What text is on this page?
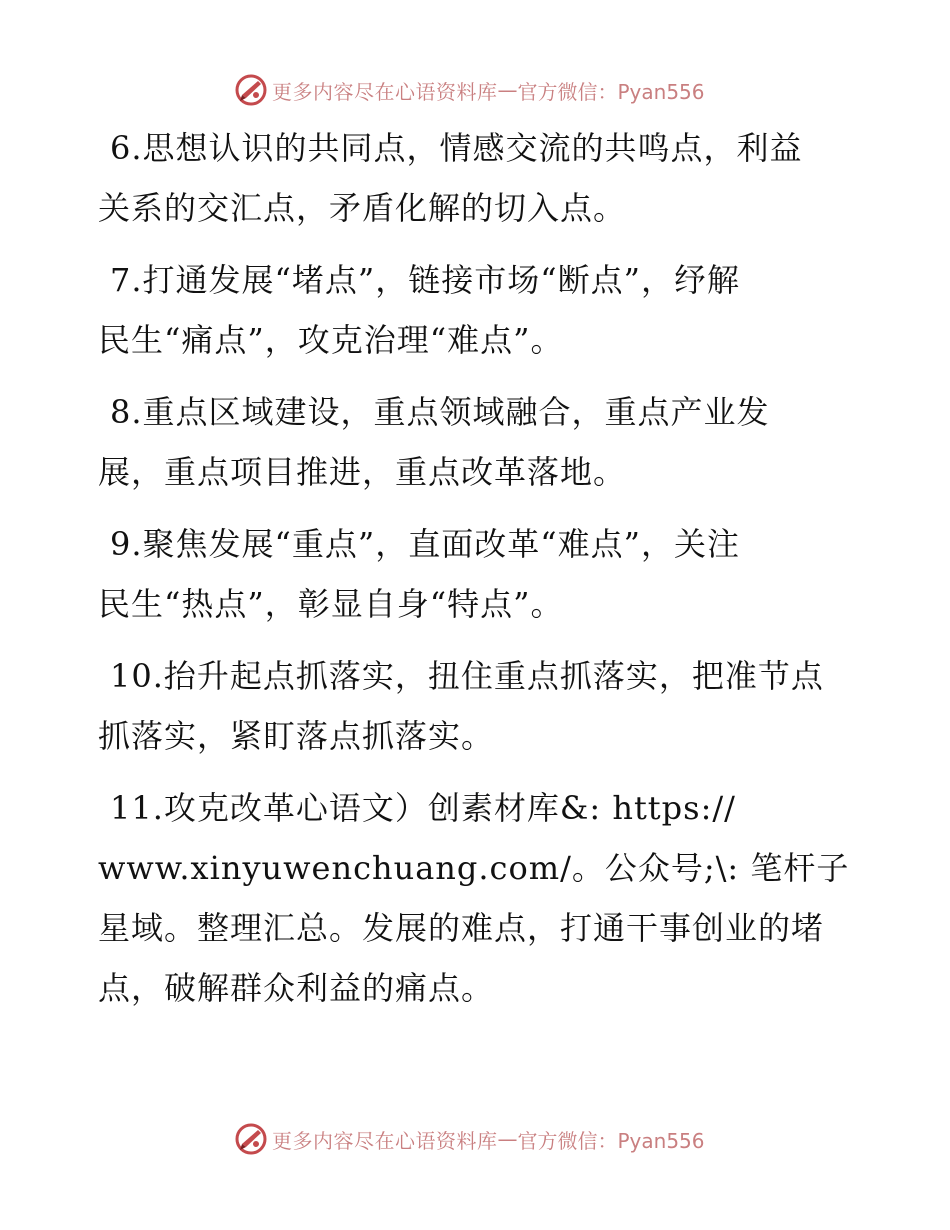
更多内容尽在心语资料库 — 官方微信：Pyan556

6.思想认识的共同点，情感交流的共鸣点，利益
关系的交汇点，矛盾化解的切入点。

7.打通发展“堵点”，链接市场“断点”，纾解
民生“痛点”，攻克治理“难点”。

8.重点区域建设，重点领域融合，重点产业发
展，重点项目推进，重点改革落地。

9.聚焦发展“重点”，直面改革“难点”，关注
民生“热点”，彰显自身“特点”。

10.抬升起点抓落实，扭住重点抓落实，把准节点
抓落实，紧盯落点抓落实。

11.攻克改革心语文）创素材库&: https://
www.xinyuwenchuang.com/。公众号;\: 笔杆子星域。整理汇总。发展的难点，打通干事创业的堵点，破解群众利益的痛点。

更多内容尽在心语资料库 — 官方微信：Pyan556
